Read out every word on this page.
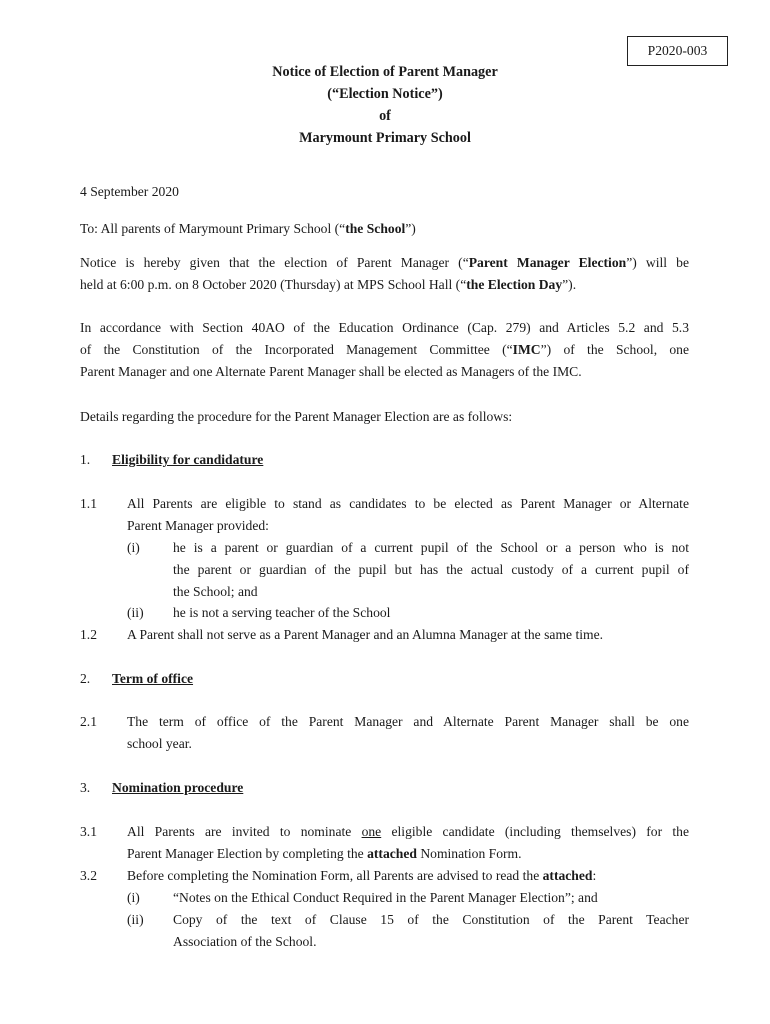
P2020-003
Notice of Election of Parent Manager
(“Election Notice”)
of
Marymount Primary School
4 September 2020
To: All parents of Marymount Primary School (“the School”)
Notice is hereby given that the election of Parent Manager (“Parent Manager Election”) will be
held at 6:00 p.m. on 8 October 2020 (Thursday) at MPS School Hall (“the Election Day”).
In accordance with Section 40AO of the Education Ordinance (Cap. 279) and Articles 5.2 and 5.3
of the Constitution of the Incorporated Management Committee (“IMC”) of the School, one
Parent Manager and one Alternate Parent Manager shall be elected as Managers of the IMC.
Details regarding the procedure for the Parent Manager Election are as follows:
1. Eligibility for candidature
1.1 All Parents are eligible to stand as candidates to be elected as Parent Manager or Alternate
Parent Manager provided:
(i) he is a parent or guardian of a current pupil of the School or a person who is not
the parent or guardian of the pupil but has the actual custody of a current pupil of
the School; and
(ii) he is not a serving teacher of the School
1.2 A Parent shall not serve as a Parent Manager and an Alumna Manager at the same time.
2. Term of office
2.1 The term of office of the Parent Manager and Alternate Parent Manager shall be one
school year.
3. Nomination procedure
3.1 All Parents are invited to nominate one eligible candidate (including themselves) for the
Parent Manager Election by completing the attached Nomination Form.
3.2 Before completing the Nomination Form, all Parents are advised to read the attached:
(i) “Notes on the Ethical Conduct Required in the Parent Manager Election”; and
(ii) Copy of the text of Clause 15 of the Constitution of the Parent Teacher
Association of the School.
